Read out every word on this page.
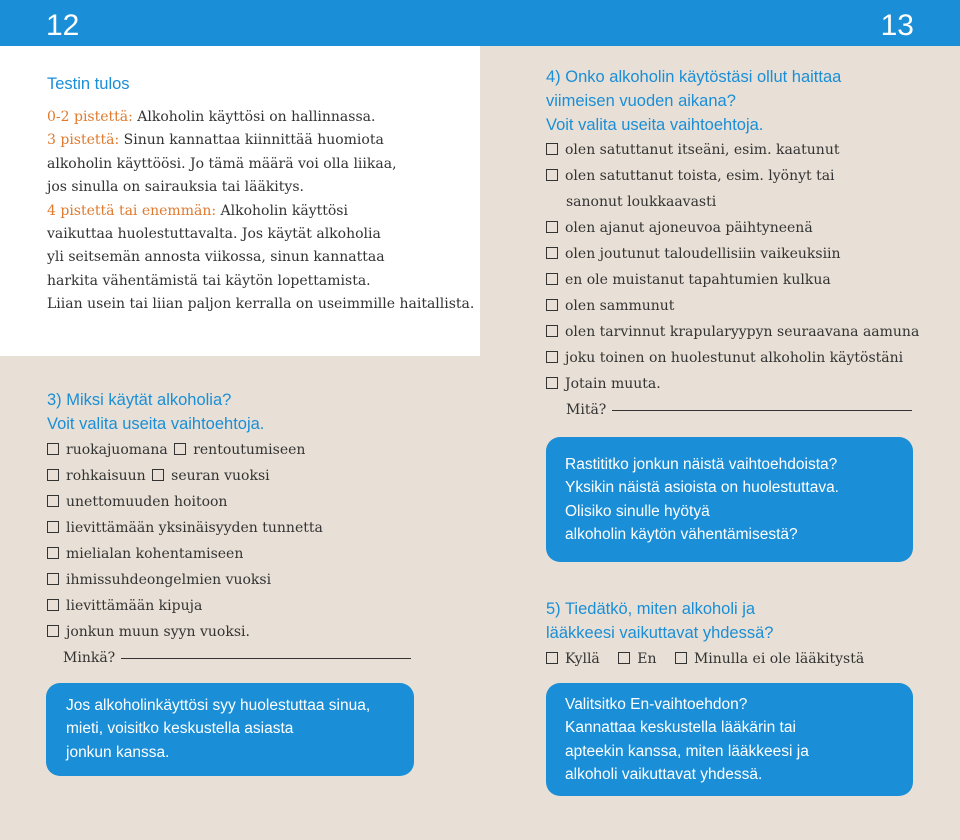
12	13
Testin tulos
0-2 pistettä: Alkoholin käyttösi on hallinnassa.
3 pistettä: Sinun kannattaa kiinnittää huomiota
alkoholin käyttöösi. Jo tämä määrä voi olla liikaa,
jos sinulla on sairauksia tai lääkitys.
4 pistettä tai enemmän: Alkoholin käyttösi
vaikuttaa huolestuttavalta. Jos käytät alkoholia
yli seitsemän annosta viikossa, sinun kannattaa
harkita vähentämistä tai käytön lopettamista.
Liian usein tai liian paljon kerralla on useimmille haitallista.
3) Miksi käytät alkoholia?
Voit valita useita vaihtoehtoja.
ruokajuomana rentoutumiseen
rohkaisuun seuran vuoksi
unettomuuden hoitoon
lievittämään yksinäisyyden tunnetta
mielialan kohentamiseen
ihmissuhdeongelmien vuoksi
lievittämään kipuja
jonkun muun syyn vuoksi.
Minkä?
Jos alkoholinkäyttösi syy huolestuttaa sinua,
mieti, voisitko keskustella asiasta
jonkun kanssa.
4) Onko alkoholin käytöstäsi ollut haittaa
viimeisen vuoden aikana?
Voit valita useita vaihtoehtoja.
olen satuttanut itseäni, esim. kaatunut
olen satuttanut toista, esim. lyönyt tai
sanonut loukkaavasti
olen ajanut ajoneuvoa päihtyneenä
olen joutunut taloudellisiin vaikeuksiin
en ole muistanut tapahtumien kulkua
olen sammunut
olen tarvinnut krapularyypyn seuraavana aamuna
joku toinen on huolestunut alkoholin käytöstäni
Jotain muuta.
Mitä?
Rastititko jonkun näistä vaihtoehdoista?
Yksikin näistä asioista on huolestuttava.
Olisiko sinulle hyötyä
alkoholin käytön vähentämisestä?
5) Tiedätkö, miten alkoholi ja
lääkkeesi vaikuttavat yhdessä?
Kyllä	En	Minulla ei ole lääkitystä
Valitsitko En-vaihtoehdon?
Kannattaa keskustella lääkärin tai
apteekin kanssa, miten lääkkeesi ja
alkoholi vaikuttavat yhdessä.
